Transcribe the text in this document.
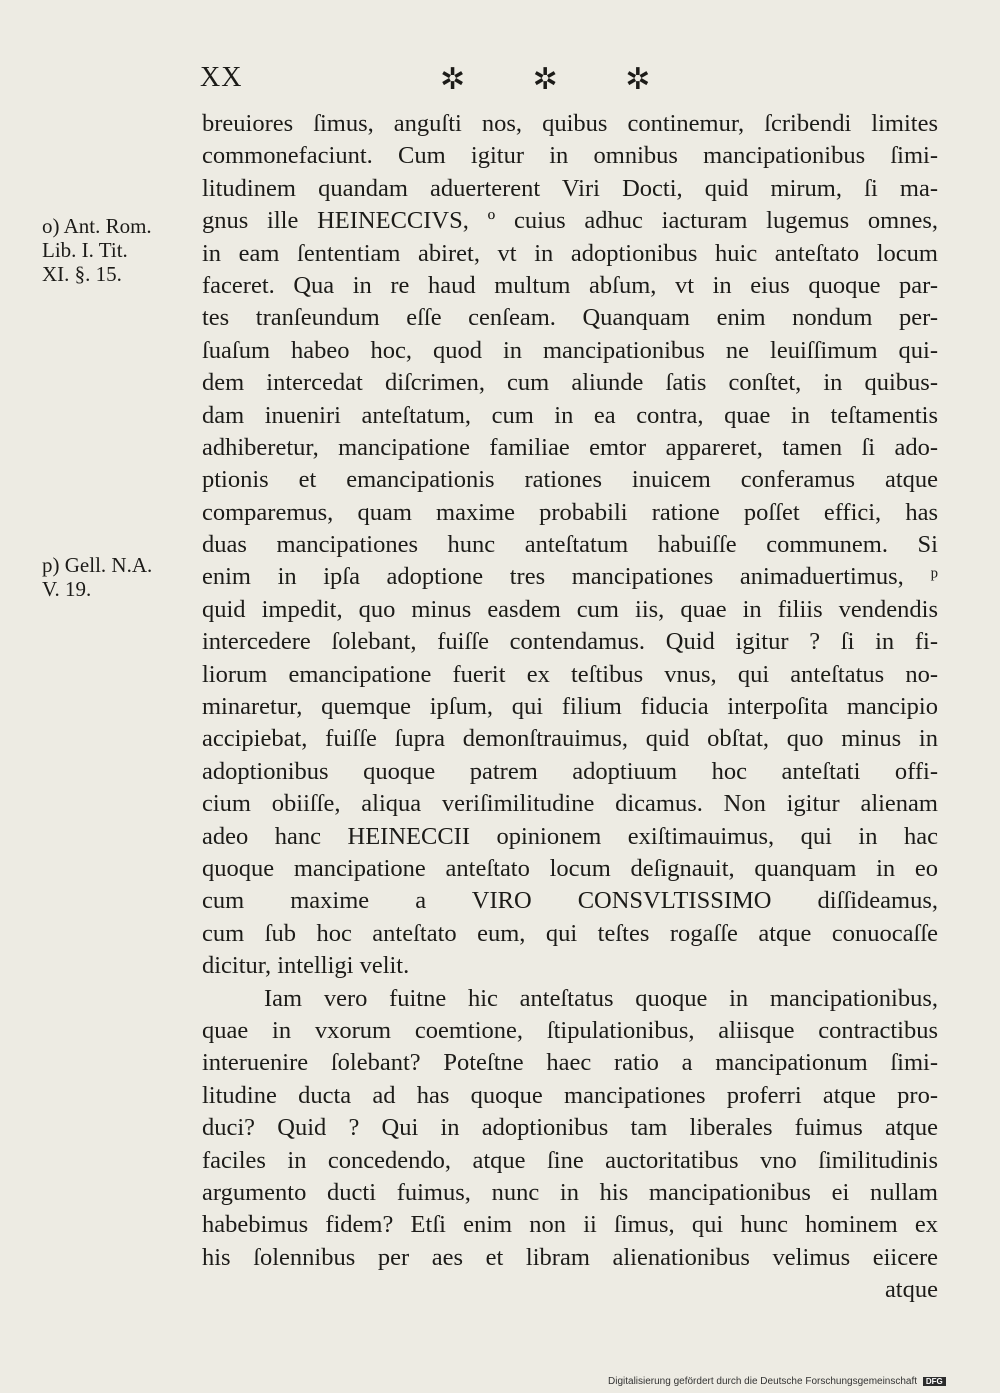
XX	✲ ✲ ✲
o) Ant. Rom.
Lib. I. Tit.
XI. §. 15.
p) Gell. N.A.
V. 19.
breuiores ſimus, anguſti nos, quibus continemur, ſcribendi limites
commonefaciunt. Cum igitur in omnibus mancipationibus ſimi-
litudinem quandam aduerterent Viri Docti, quid mirum, ſi ma-
gnus ille HEINECCIVS, º cuius adhuc iacturam lugemus omnes,
in eam ſententiam abiret, vt in adoptionibus huic anteſtato locum
faceret. Qua in re haud multum abſum, vt in eius quoque par-
tes tranſeundum eſſe cenſeam. Quanquam enim nondum per-
ſuaſum habeo hoc, quod in mancipationibus ne leuiſſimum qui-
dem intercedat diſcrimen, cum aliunde ſatis conſtet, in quibus-
dam inueniri anteſtatum, cum in ea contra, quae in teſtamentis
adhiberetur, mancipatione familiae emtor appareret, tamen ſi ado-
ptionis et emancipationis rationes inuicem conferamus atque
comparemus, quam maxime probabili ratione poſſet effici, has
duas mancipationes hunc anteſtatum habuiſſe communem. Si
enim in ipſa adoptione tres mancipationes animaduertimus, ᵖ
quid impedit, quo minus easdem cum iis, quae in filiis vendendis
intercedere ſolebant, fuiſſe contendamus. Quid igitur ? ſi in fi-
liorum emancipatione fuerit ex teſtibus vnus, qui anteſtatus no-
minaretur, quemque ipſum, qui filium fiducia interpoſita mancipio
accipiebat, fuiſſe ſupra demonſtrauimus, quid obſtat, quo minus in
adoptionibus quoque patrem adoptiuum hoc anteſtati offi-
cium obiiſſe, aliqua veriſimilitudine dicamus. Non igitur alienam
adeo hanc HEINECCII opinionem exiſtimauimus, qui in hac
quoque mancipatione anteſtato locum deſignauit, quanquam in eo
cum maxime a VIRO CONSVLTISSIMO diſſideamus,
cum ſub hoc anteſtato eum, qui teſtes rogaſſe atque conuocaſſe
dicitur, intelligi velit.
Iam vero fuitne hic anteſtatus quoque in mancipationibus,
quae in vxorum coemtione, ſtipulationibus, aliisque contractibus
interuenire ſolebant? Poteſtne haec ratio a mancipationum ſimi-
litudine ducta ad has quoque mancipationes proferri atque pro-
duci? Quid ? Qui in adoptionibus tam liberales fuimus atque
faciles in concedendo, atque ſine auctoritatibus vno ſimilitudinis
argumento ducti fuimus, nunc in his mancipationibus ei nullam
habebimus fidem? Etſi enim non ii ſimus, qui hunc hominem ex
his ſolennibus per aes et libram alienationibus velimus eiicere
atque
Digitalisierung gefördert durch die Deutsche Forschungsgemeinschaft DFG
